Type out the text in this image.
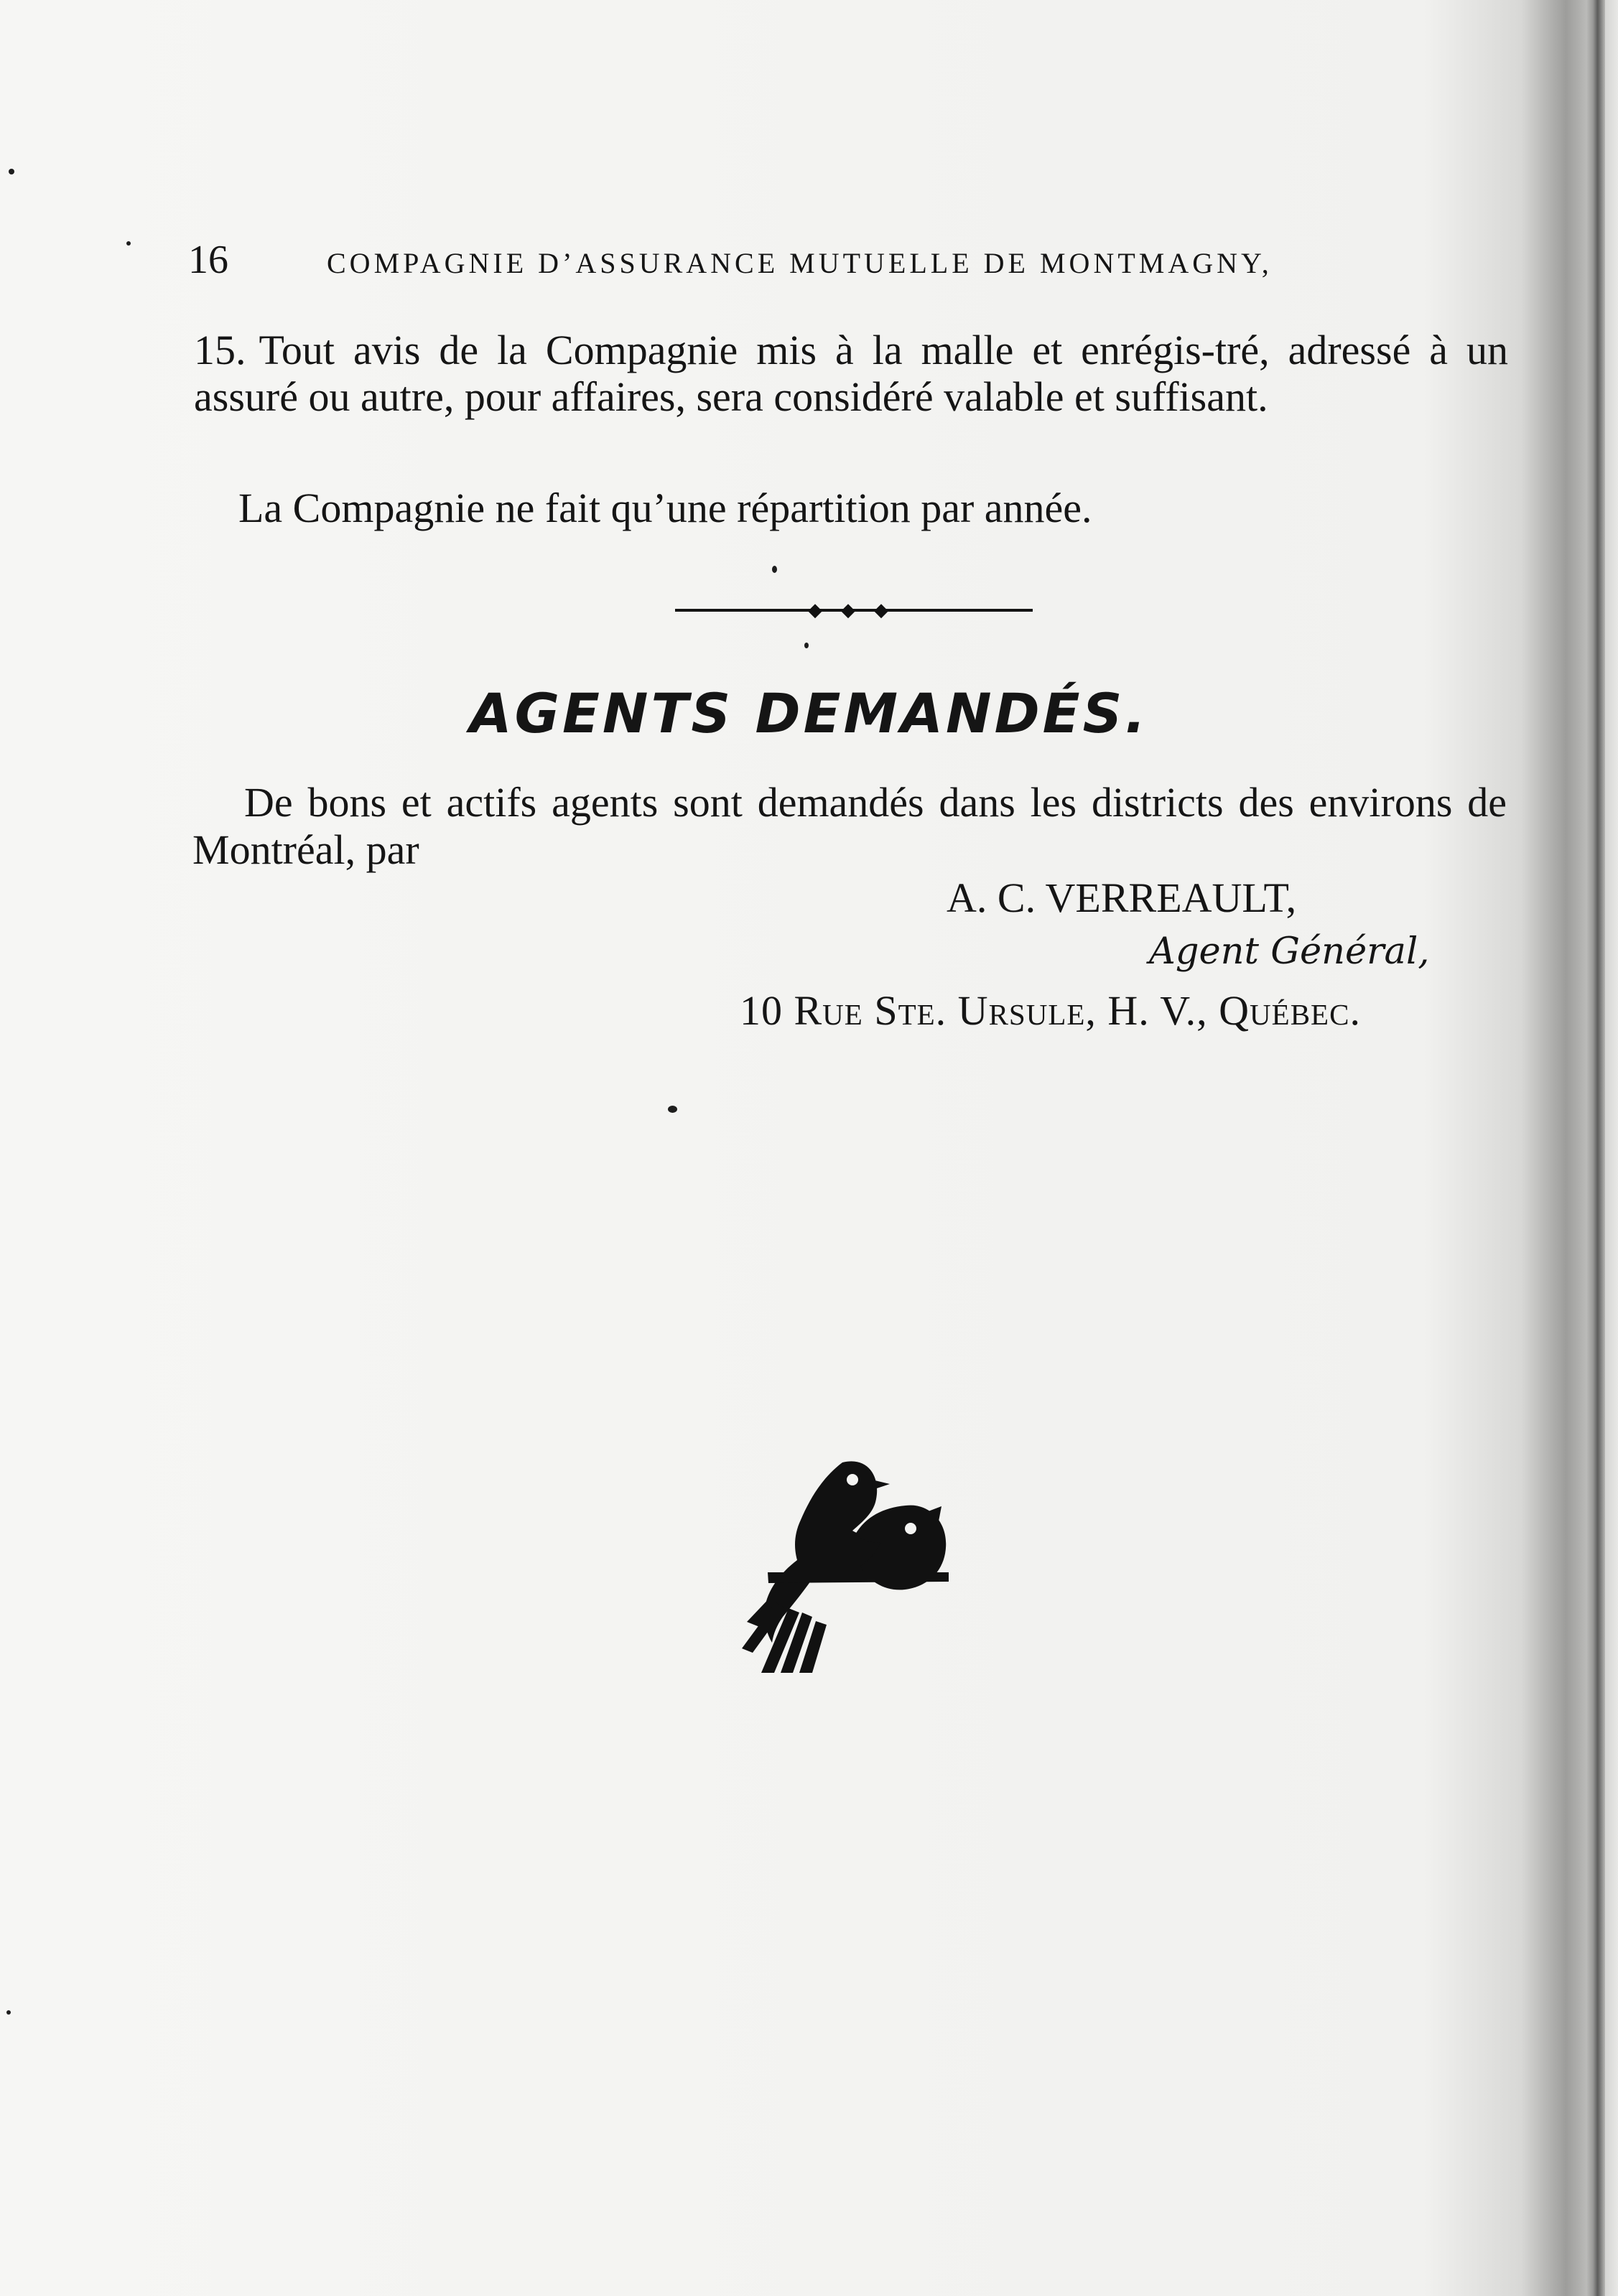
16	COMPAGNIE D’ASSURANCE MUTUELLE DE MONTMAGNY,

15. Tout avis de la Compagnie mis à la malle et enrégis-tré, adressé à un assuré ou autre, pour affaires, sera considéré valable et suffisant.

La Compagnie ne fait qu’une répartition par année.

◆ ◆ ◆
AGENTS DEMANDÉS.

De bons et actifs agents sont demandés dans les districts des environs de Montréal, par

A. C. VERREAULT,

Agent Général,

10 Rue Ste. Ursule, H. V., Québec.
